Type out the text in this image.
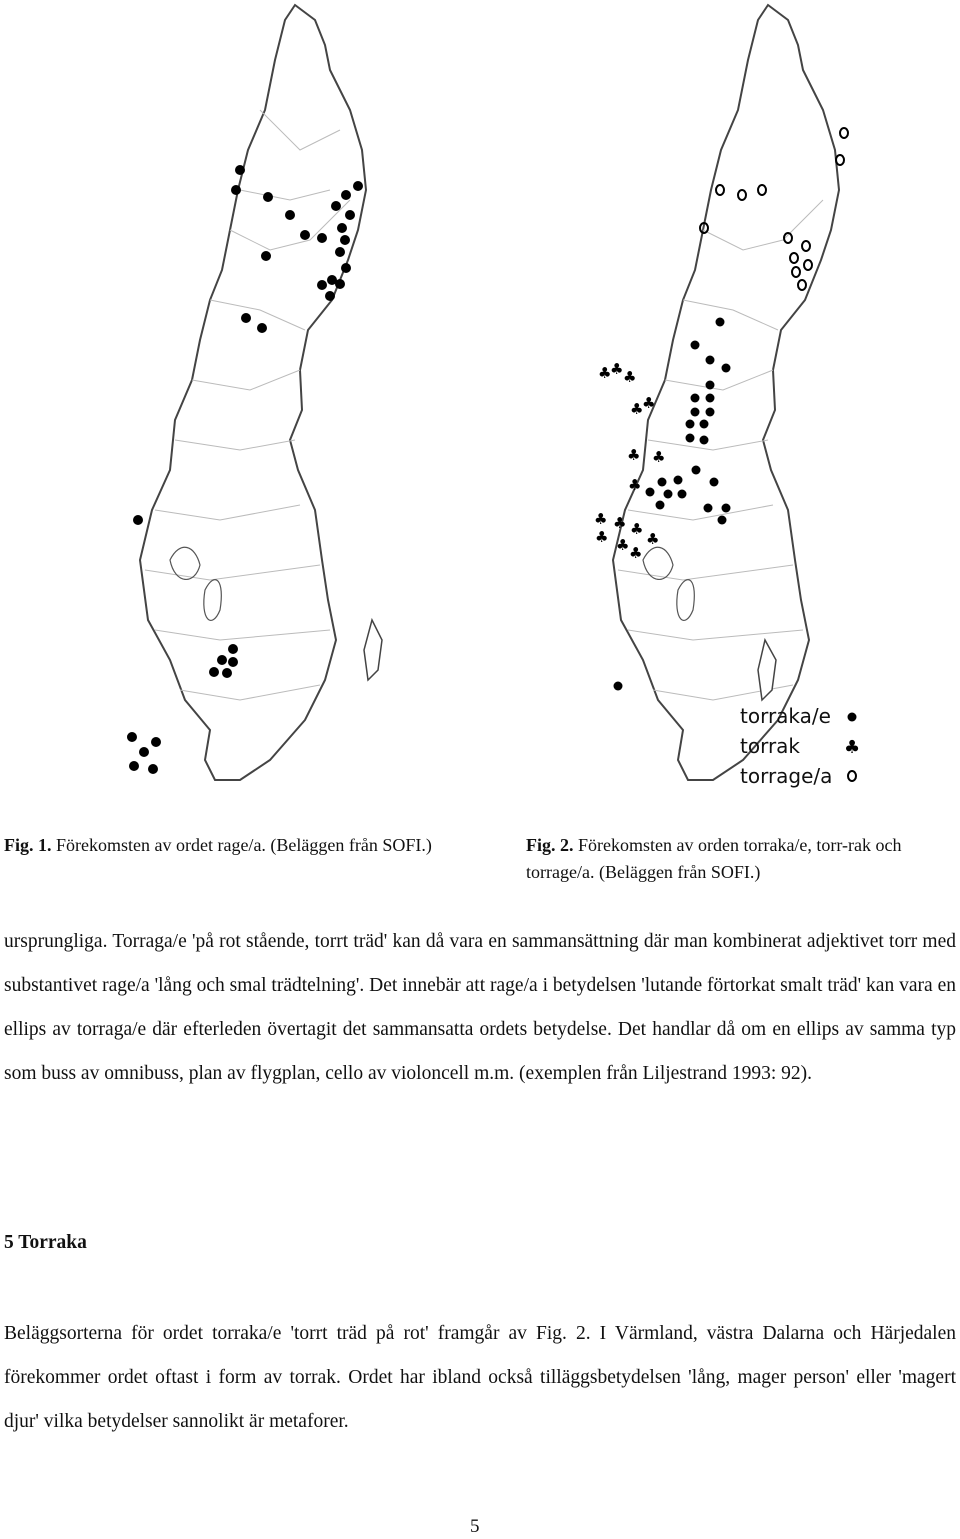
♣
♣ ♣
♣
♣
♣ ♣
♣
♣ ♣
♣ ♣
♣
♣
♣
torraka/e
torrak ♣
torrage/a
Fig. 1. Förekomsten av ordet rage/a. (Beläggen från SOFI.)	Fig. 2. Förekomsten av orden torraka/e, torr-rak och torrage/a. (Beläggen från SOFI.)

ursprungliga. Torraga/e 'på rot stående, torrt träd' kan då vara en sammansättning där man kombinerat adjektivet torr med substantivet rage/a 'lång och smal trädtelning'. Det innebär att rage/a i betydelsen 'lutande förtorkat smalt träd' kan vara en ellips av torraga/e där efterleden övertagit det sammansatta ordets betydelse. Det handlar då om en ellips av samma typ som buss av omnibuss, plan av flygplan, cello av violoncell m.m. (exemplen från Liljestrand 1993: 92).

5 Torraka

Beläggsorterna för ordet torraka/e 'torrt träd på rot' framgår av Fig. 2. I Värmland, västra Dalarna och Härjedalen förekommer ordet oftast i form av torrak. Ordet har ibland också tilläggsbetydelsen 'lång, mager person' eller 'magert djur' vilka betydelser sannolikt är metaforer.

5
